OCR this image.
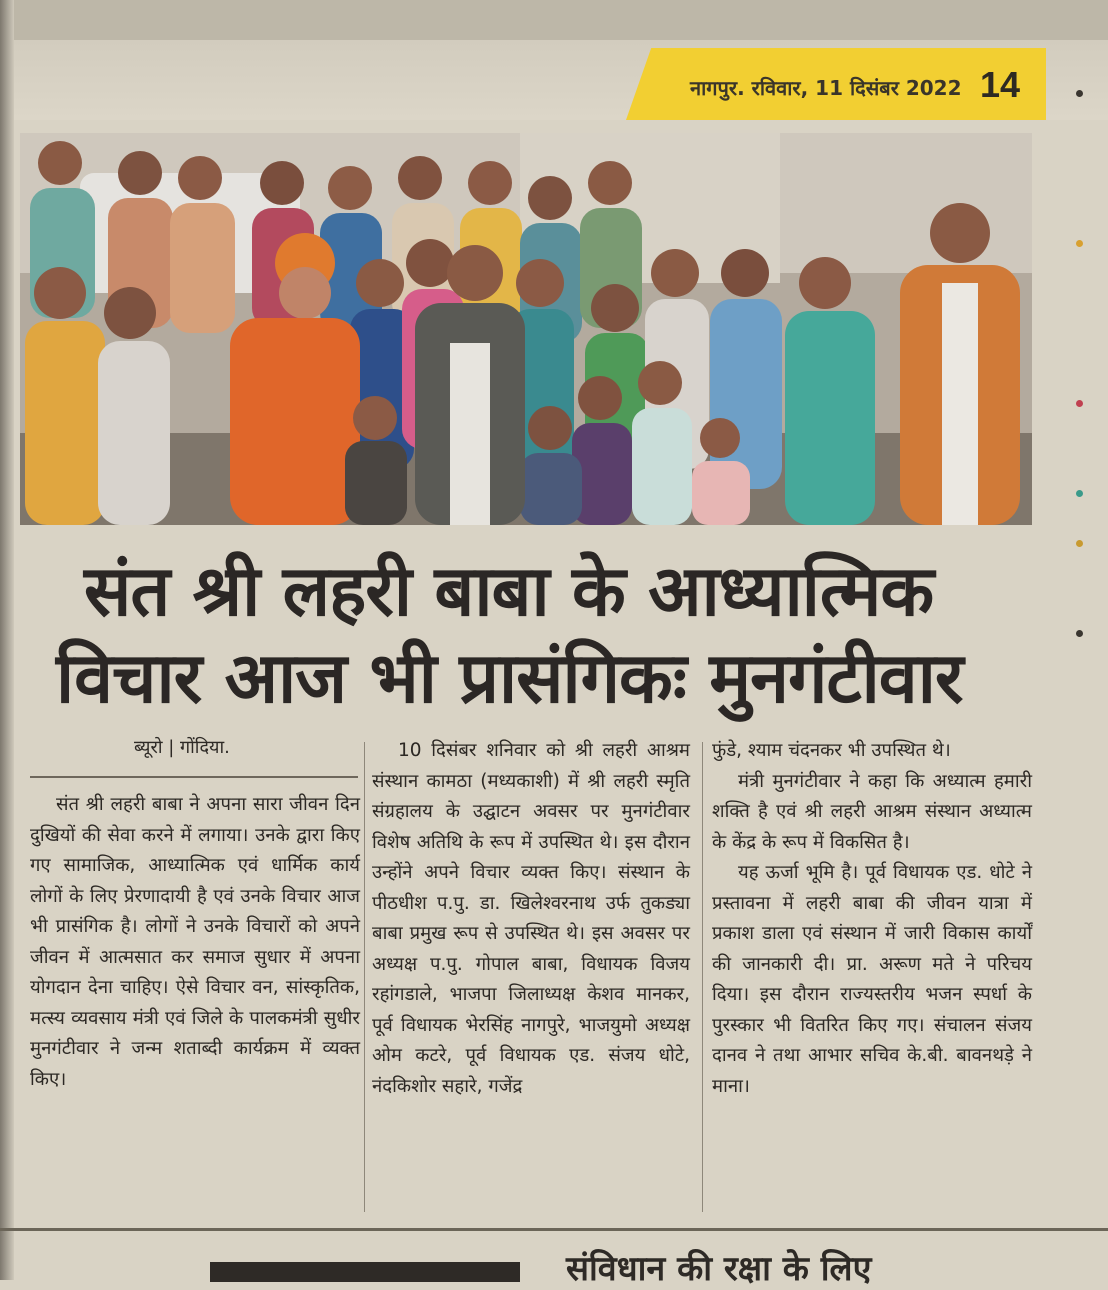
नागपुर. रविवार, 11 दिसंबर 2022 14
संत श्री लहरी बाबा के आध्यात्मिक
विचार आज भी प्रासंगिकः मुनगंटीवार
ब्यूरो | गोंदिया.

संत श्री लहरी बाबा ने अपना सारा जीवन दिन दुखियों की सेवा करने में लगाया। उनके द्वारा किए गए सामाजिक, आध्यात्मिक एवं धार्मिक कार्य लोगों के लिए प्रेरणादायी है एवं उनके विचार आज भी प्रासंगिक है। लोगों ने उनके विचारों को अपने जीवन में आत्मसात कर समाज सुधार में अपना योगदान देना चाहिए। ऐसे विचार वन, सांस्कृतिक, मत्स्य व्यवसाय मंत्री एवं जिले के पालकमंत्री सुधीर मुनगंटीवार ने जन्म शताब्दी कार्यक्रम में व्यक्त किए।

10 दिसंबर शनिवार को श्री लहरी आश्रम संस्थान कामठा (मध्यकाशी) में श्री लहरी स्मृति संग्रहालय के उद्घाटन अवसर पर मुनगंटीवार विशेष अतिथि के रूप में उपस्थित थे। इस दौरान उन्होंने अपने विचार व्यक्त किए। संस्थान के पीठधीश प.पु. डा. खिलेश्वरनाथ उर्फ तुकड्या बाबा प्रमुख रूप से उपस्थित थे। इस अवसर पर अध्यक्ष प.पु. गोपाल बाबा, विधायक विजय रहांगडाले, भाजपा जिलाध्यक्ष केशव मानकर, पूर्व विधायक भेरसिंह नागपुरे, भाजयुमो अध्यक्ष ओम कटरे, पूर्व विधायक एड. संजय धोटे, नंदकिशोर सहारे, गजेंद्र

फुंडे, श्याम चंदनकर भी उपस्थित थे।

मंत्री मुनगंटीवार ने कहा कि अध्यात्म हमारी शक्ति है एवं श्री लहरी आश्रम संस्थान अध्यात्म के केंद्र के रूप में विकसित है।

यह ऊर्जा भूमि है। पूर्व विधायक एड. धोटे ने प्रस्तावना में लहरी बाबा की जीवन यात्रा में प्रकाश डाला एवं संस्थान में जारी विकास कार्यों की जानकारी दी। प्रा. अरूण मते ने परिचय दिया। इस दौरान राज्यस्तरीय भजन स्पर्धा के पुरस्कार भी वितरित किए गए। संचालन संजय दानव ने तथा आभार सचिव के.बी. बावनथड़े ने माना।

संविधान की रक्षा के लिए
